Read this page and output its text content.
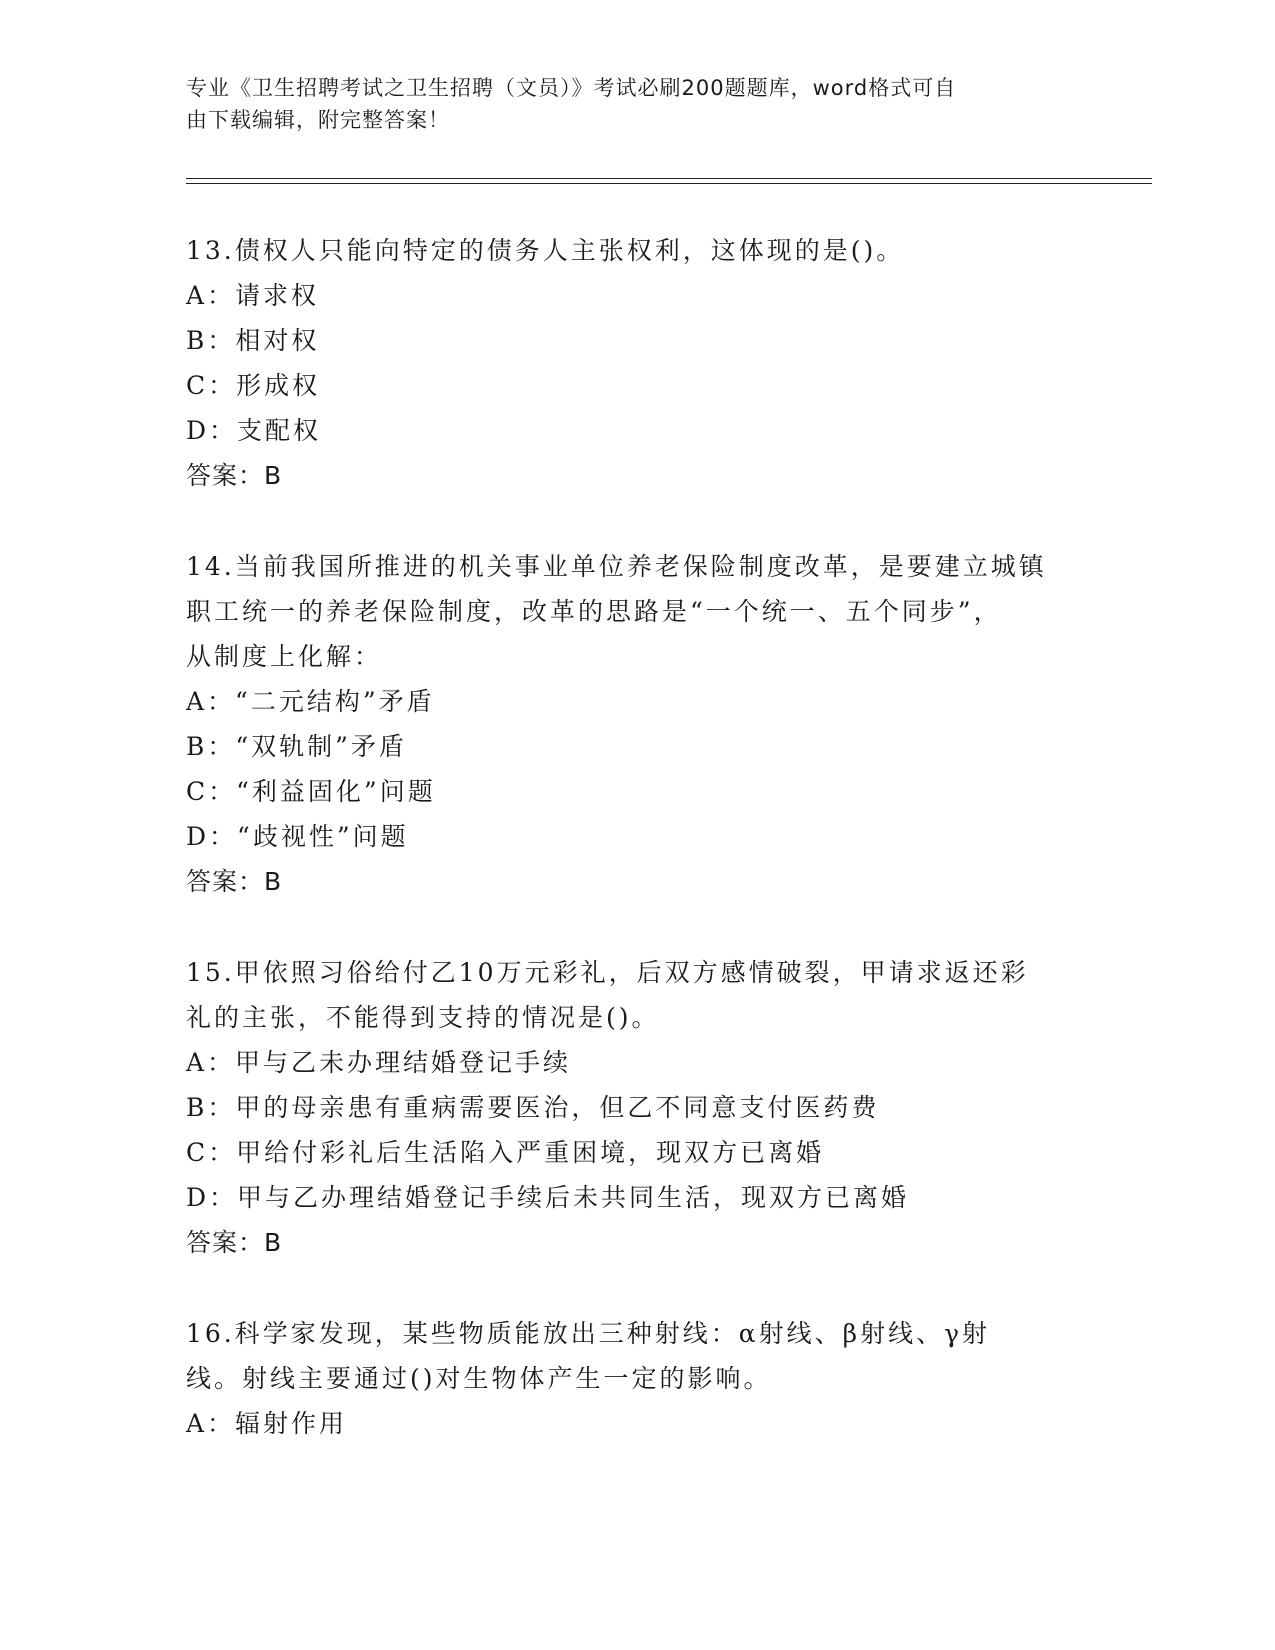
专业《卫生招聘考试之卫生招聘（文员）》考试必刷200题题库，word格式可自
由下载编辑，附完整答案！
13.债权人只能向特定的债务人主张权利，这体现的是()。
A：请求权
B：相对权
C：形成权
D：支配权
答案：B
14.当前我国所推进的机关事业单位养老保险制度改革，是要建立城镇
职工统一的养老保险制度，改革的思路是“一个统一、五个同步”，
从制度上化解：
A：“二元结构”矛盾
B：“双轨制”矛盾
C：“利益固化”问题
D：“歧视性”问题
答案：B
15.甲依照习俗给付乙10万元彩礼，后双方感情破裂，甲请求返还彩
礼的主张，不能得到支持的情况是()。
A：甲与乙未办理结婚登记手续
B：甲的母亲患有重病需要医治，但乙不同意支付医药费
C：甲给付彩礼后生活陷入严重困境，现双方已离婚
D：甲与乙办理结婚登记手续后未共同生活，现双方已离婚
答案：B
16.科学家发现，某些物质能放出三种射线：α射线、β射线、γ射
线。射线主要通过()对生物体产生一定的影响。
A：辐射作用
